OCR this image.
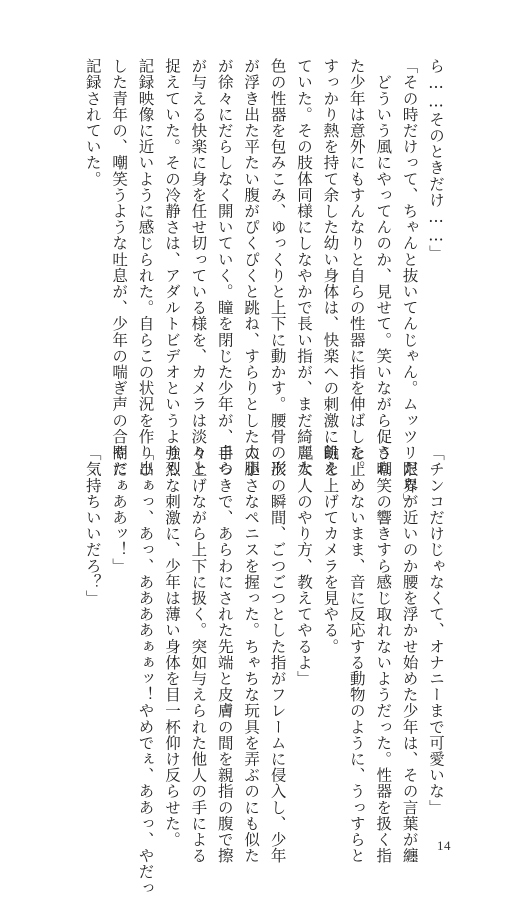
ら……そのときだけ……」

「その時だけって、ちゃんと抜いてんじゃん。ムッツリだな」

　どういう風にやってんのか、見せて。笑いながら促され

た少年は意外にもすんなりと自らの性器に指を伸ばした。

すっかり熱を持て余した幼い身体は、快楽への刺激に飢え

ていた。その肢体同様にしなやかで長い指が、まだ綺麗な

色の性器を包みこみ、ゆっくりと上下に動かす。腰骨の形

が浮き出た平たい腹がぴくぴくと跳ね、すらりとした太腿

が徐々にだらしなく開いていく。瞳を閉じた少年が、自ら

が与える快楽に身を任せ切っている様を、カメラは淡々と

捉えていた。その冷静さは、アダルトビデオというよりも

記録映像に近いように感じられた。自らこの状況を作り出

した青年の、嘲笑うような吐息が、少年の喘ぎ声の合間に

記録されていた。

「チンコだけじゃなくて、オナニーまで可愛いな」

　限界が近いのか腰を浮かせ始めた少年は、その言葉が纏

う嘲笑の響きすら感じ取れないようだった。性器を扱く指

を止めないまま、音に反応する動物のように、うっすらと

瞼を上げてカメラを見やる。

「大人のやり方、教えてやるよ」

　次の瞬間、ごつごつとした指がフレームに侵入し、少年

の小さなペニスを握った。ちゃちな玩具を弄ぶのにも似た

手つきで、あらわにされた先端と皮膚の間を親指の腹で擦

り上げながら上下に扱く。突如与えられた他人の手による

強烈な刺激に、少年は薄い身体を目一杯仰け反らせた。

「ひぁっ、あっ、ああああぁぁッ！やめでぇ、ああっ、やだっ

やだぁああッ！」

「気持ちいいだろ？」

14
